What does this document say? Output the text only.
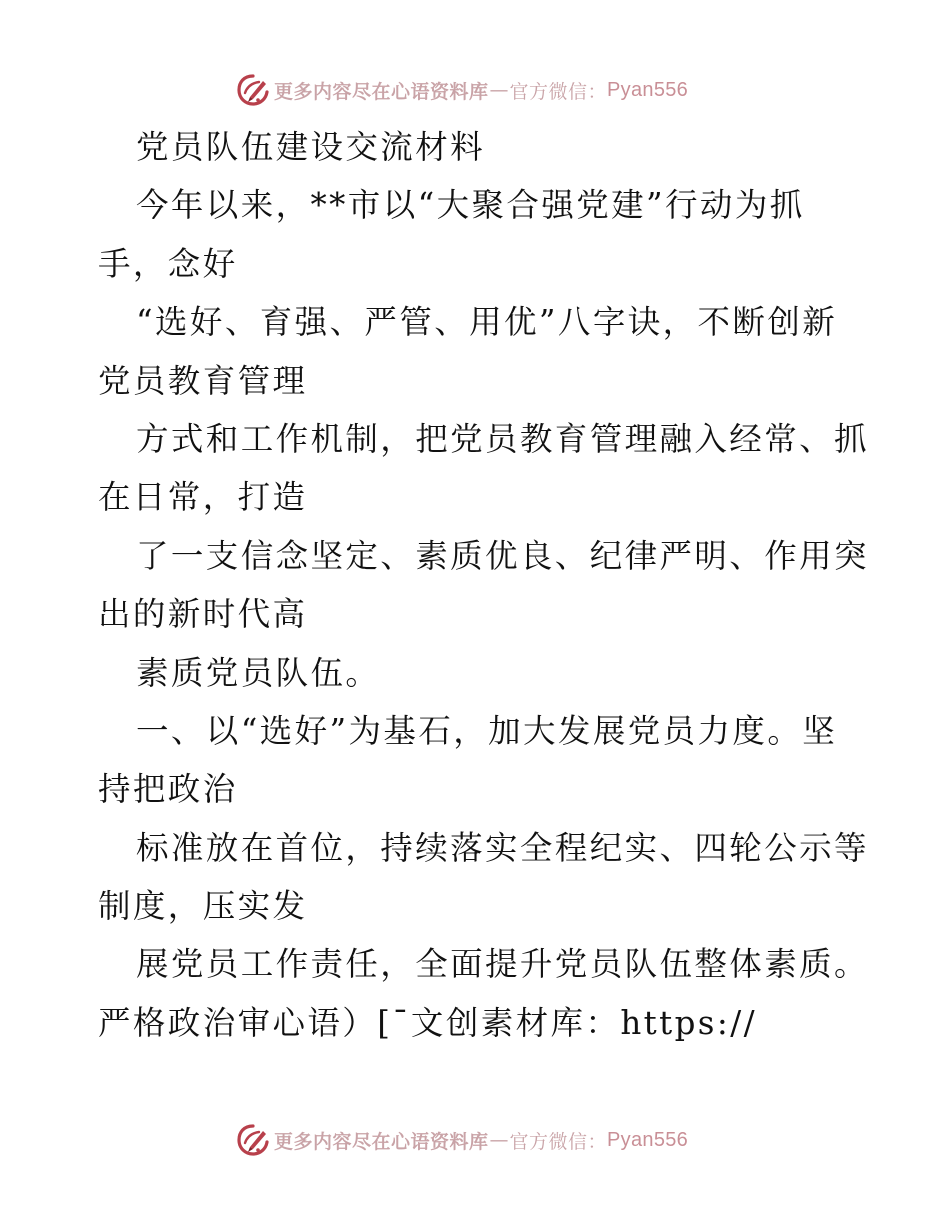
更多内容尽在心语资料库 — 官方微信： Pyan556
党员队伍建设交流材料
今年以来，**市以“大聚合强党建”行动为抓
手，念好
“选好、育强、严管、用优”八字诀，不断创新
党员教育管理
方式和工作机制，把党员教育管理融入经常、抓
在日常，打造
了一支信念坚定、素质优良、纪律严明、作用突
出的新时代高
素质党员队伍。
一、以“选好”为基石，加大发展党员力度。坚
持把政治
标准放在首位，持续落实全程纪实、四轮公示等
制度，压实发
展党员工作责任，全面提升党员队伍整体素质。
严格政治审心语）[¯文创素材库：https://
更多内容尽在心语资料库 — 官方微信： Pyan556
